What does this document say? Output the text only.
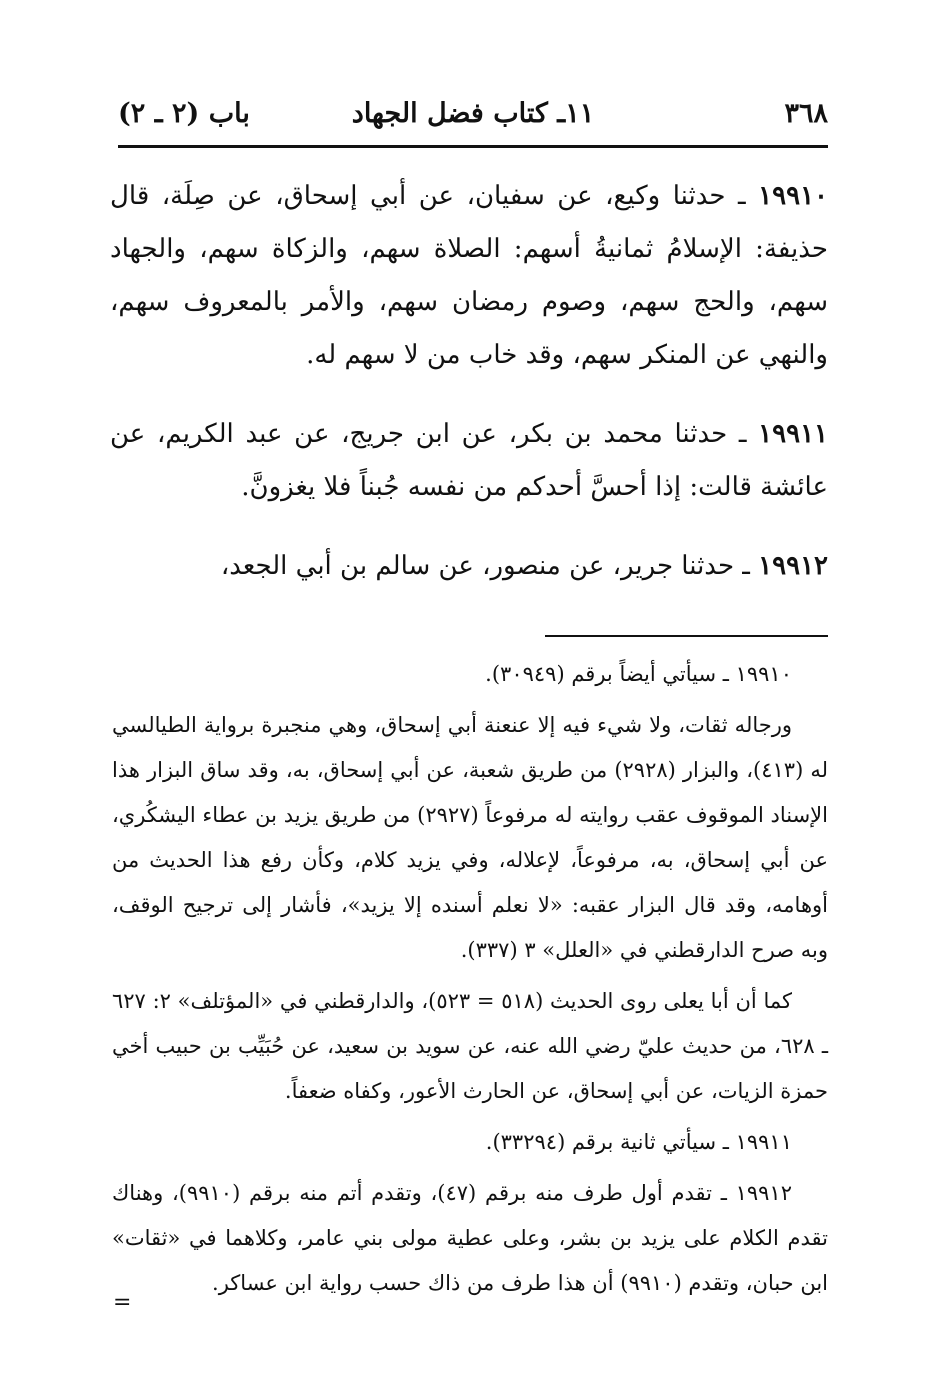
٣٦٨
١١ـ كتاب فضل الجهاد
باب (٢ ـ ٢)

١٩٩١٠ ـ حدثنا وكيع، عن سفيان، عن أبي إسحاق، عن صِلَة، قال حذيفة: الإسلامُ ثمانيةُ أسهم: الصلاة سهم، والزكاة سهم، والجهاد سهم، والحج سهم، وصوم رمضان سهم، والأمر بالمعروف سهم، والنهي عن المنكر سهم، وقد خاب من لا سهم له.

١٩٩١١ ـ حدثنا محمد بن بكر، عن ابن جريج، عن عبد الكريم، عن عائشة قالت: إذا أحسَّ أحدكم من نفسه جُبناً فلا يغزونَّ.

١٩٩١٢ ـ حدثنا جرير، عن منصور، عن سالم بن أبي الجعد،

١٩٩١٠ ـ سيأتي أيضاً برقم (٣٠٩٤٩).

ورجاله ثقات، ولا شيء فيه إلا عنعنة أبي إسحاق، وهي منجبرة برواية الطيالسي له (٤١٣)، والبزار (٢٩٢٨) من طريق شعبة، عن أبي إسحاق، به، وقد ساق البزار هذا الإسناد الموقوف عقب روايته له مرفوعاً (٢٩٢٧) من طريق يزيد بن عطاء اليشكُري، عن أبي إسحاق، به، مرفوعاً، لإعلاله، وفي يزيد كلام، وكأن رفع هذا الحديث من أوهامه، وقد قال البزار عقبه: «لا نعلم أسنده إلا يزيد»، فأشار إلى ترجيح الوقف، وبه صرح الدارقطني في «العلل» ٣ (٣٣٧).

كما أن أبا يعلى روى الحديث (٥١٨ = ٥٢٣)، والدارقطني في «المؤتلف» ٢: ٦٢٧ ـ ٦٢٨، من حديث عليّ رضي الله عنه، عن سويد بن سعيد، عن حُبَيِّب بن حبيب أخي حمزة الزيات، عن أبي إسحاق، عن الحارث الأعور، وكفاه ضعفاً.

١٩٩١١ ـ سيأتي ثانية برقم (٣٣٢٩٤).

١٩٩١٢ ـ تقدم أول طرف منه برقم (٤٧)، وتقدم أتم منه برقم (٩٩١٠)، وهناك تقدم الكلام على يزيد بن بشر، وعلى عطية مولى بني عامر، وكلاهما في «ثقات» ابن حبان، وتقدم (٩٩١٠) أن هذا طرف من ذاك حسب رواية ابن عساكر.

=
